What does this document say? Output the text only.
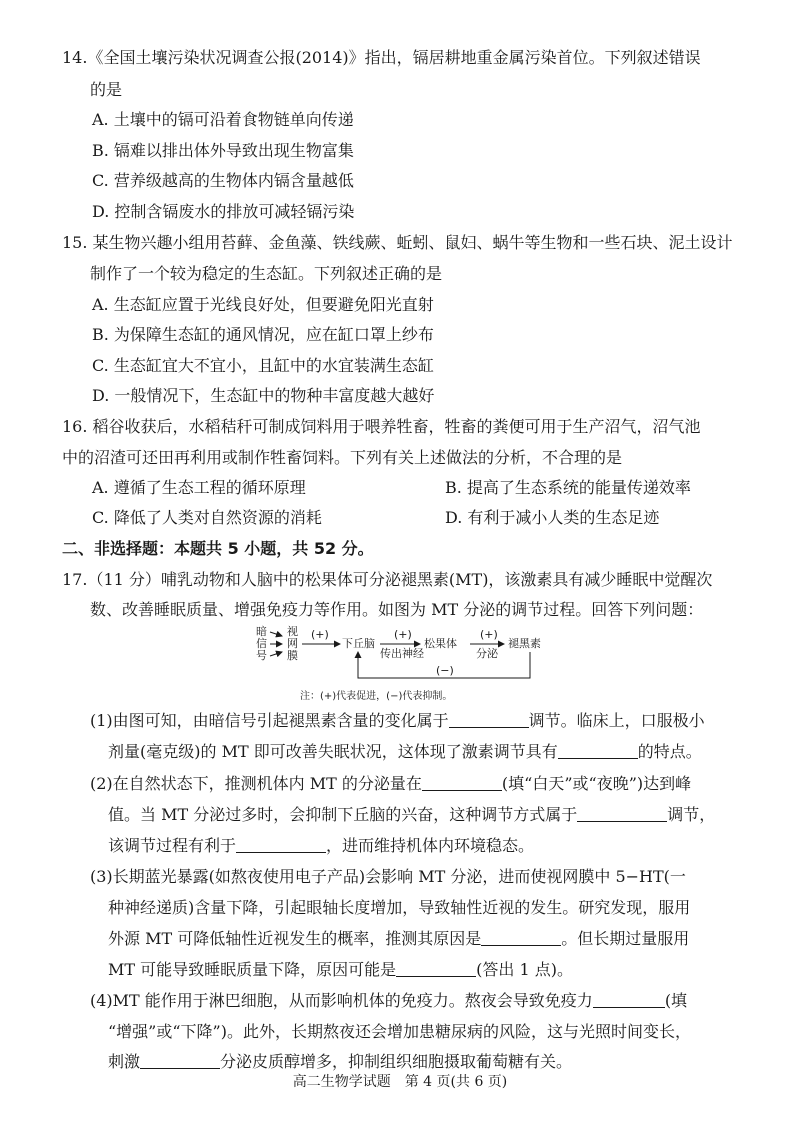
14.《全国土壤污染状况调查公报(2014)》指出，镉居耕地重金属污染首位。下列叙述错误
的是
A. 土壤中的镉可沿着食物链单向传递
B. 镉难以排出体外导致出现生物富集
C. 营养级越高的生物体内镉含量越低
D. 控制含镉废水的排放可减轻镉污染
15. 某生物兴趣小组用苔藓、金鱼藻、铁线蕨、蚯蚓、鼠妇、蜗牛等生物和一些石块、泥土设计
制作了一个较为稳定的生态缸。下列叙述正确的是
A. 生态缸应置于光线良好处，但要避免阳光直射
B. 为保障生态缸的通风情况，应在缸口罩上纱布
C. 生态缸宜大不宜小，且缸中的水宜装满生态缸
D. 一般情况下，生态缸中的物种丰富度越大越好
16. 稻谷收获后，水稻秸秆可制成饲料用于喂养牲畜，牲畜的粪便可用于生产沼气，沼气池
中的沼渣可还田再利用或制作牲畜饲料。下列有关上述做法的分析，不合理的是
A. 遵循了生态工程的循环原理	B. 提高了生态系统的能量传递效率
C. 降低了人类对自然资源的消耗	D. 有利于减小人类的生态足迹
二、非选择题：本题共 5 小题，共 52 分。
17.（11 分）哺乳动物和人脑中的松果体可分泌褪黑素(MT)，该激素具有减少睡眠中觉醒次
数、改善睡眠质量、增强免疫力等作用。如图为 MT 分泌的调节过程。回答下列问题：
暗
信
号
视
网
膜
(+)
下丘脑
(+)
传出神经
松果体
(+)
分泌
褪黑素
(−)
注：(+)代表促进，(−)代表抑制。
(1)由图可知，由暗信号引起褪黑素含量的变化属于	调节。临床上，口服极小
剂量(毫克级)的 MT 即可改善失眠状况，这体现了激素调节具有	的特点。
(2)在自然状态下，推测机体内 MT 的分泌量在	(填“白天”或“夜晚”)达到峰
值。当 MT 分泌过多时，会抑制下丘脑的兴奋，这种调节方式属于	调节，
该调节过程有利于	，进而维持机体内环境稳态。
(3)长期蓝光暴露(如熬夜使用电子产品)会影响 MT 分泌，进而使视网膜中 5−HT(一
种神经递质)含量下降，引起眼轴长度增加，导致轴性近视的发生。研究发现，服用
外源 MT 可降低轴性近视发生的概率，推测其原因是	。但长期过量服用
MT 可能导致睡眠质量下降，原因可能是	(答出 1 点)。
(4)MT 能作用于淋巴细胞，从而影响机体的免疫力。熬夜会导致免疫力	(填
“增强”或“下降”)。此外，长期熬夜还会增加患糖尿病的风险，这与光照时间变长，
刺激	分泌皮质醇增多，抑制组织细胞摄取葡萄糖有关。
高二生物学试题　第 4 页(共 6 页)
